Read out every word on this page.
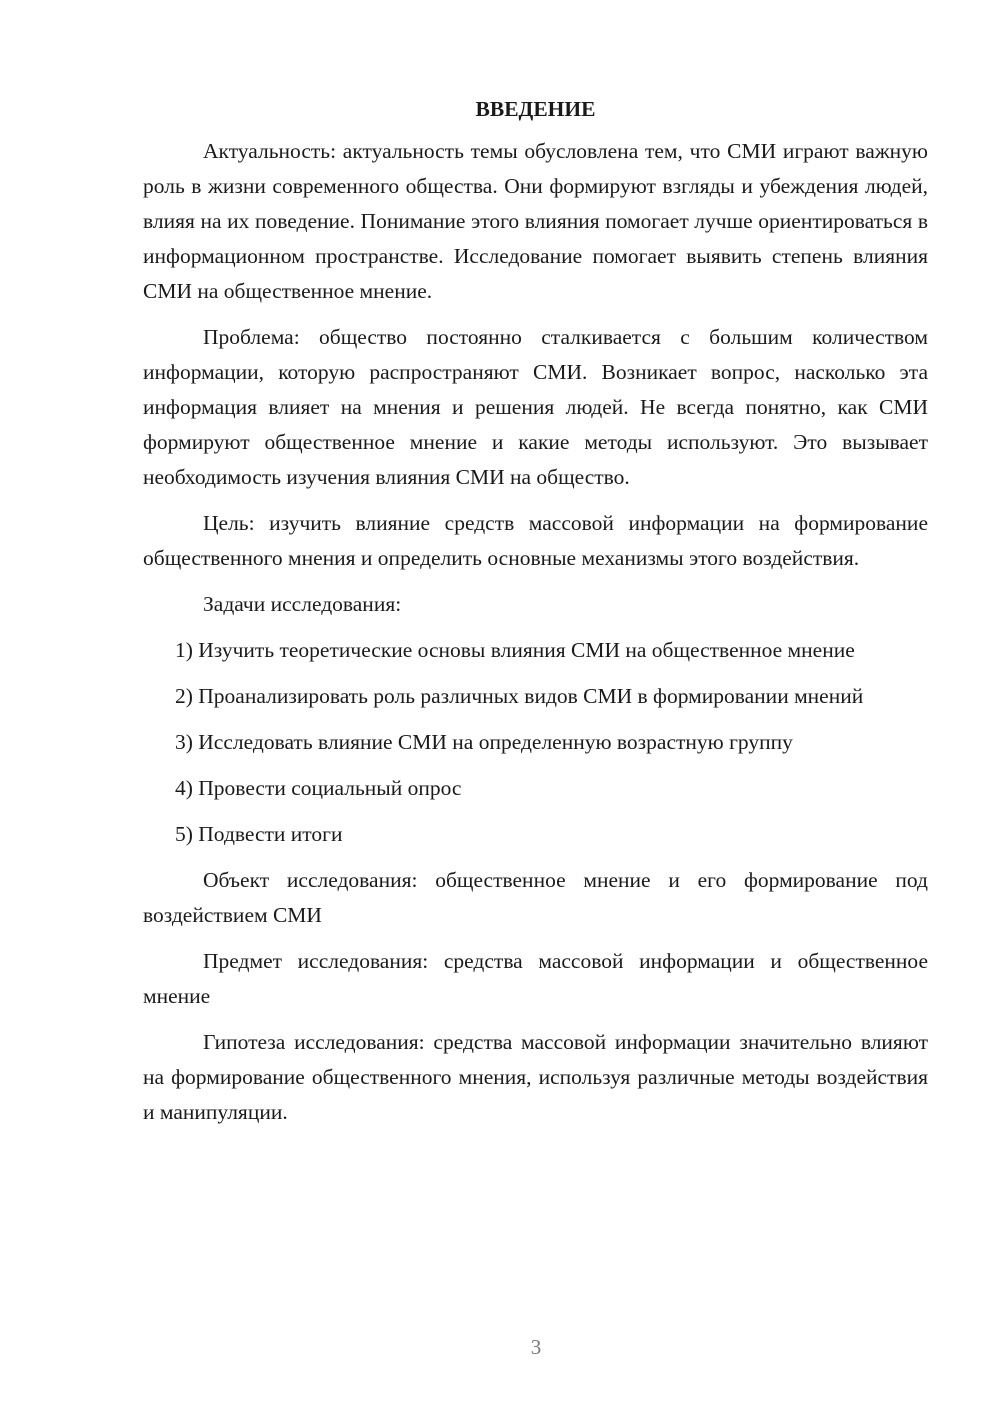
ВВЕДЕНИЕ

Актуальность: актуальность темы обусловлена тем, что СМИ играют важную роль в жизни современного общества. Они формируют взгляды и убеждения людей, влияя на их поведение. Понимание этого влияния помогает лучше ориентироваться в информационном пространстве. Исследование помогает выявить степень влияния СМИ на общественное мнение.

Проблема: общество постоянно сталкивается с большим количеством информации, которую распространяют СМИ. Возникает вопрос, насколько эта информация влияет на мнения и решения людей. Не всегда понятно, как СМИ формируют общественное мнение и какие методы используют. Это вызывает необходимость изучения влияния СМИ на общество.

Цель: изучить влияние средств массовой информации на формирование общественного мнения и определить основные механизмы этого воздействия.

Задачи исследования:

1) Изучить теоретические основы влияния СМИ на общественное мнение

2) Проанализировать роль различных видов СМИ в формировании мнений

3) Исследовать влияние СМИ на определенную возрастную группу

4) Провести социальный опрос

5) Подвести итоги

Объект исследования: общественное мнение и его формирование под воздействием СМИ

Предмет исследования: средства массовой информации и общественное мнение

Гипотеза исследования: средства массовой информации значительно влияют на формирование общественного мнения, используя различные методы воздействия и манипуляции.

3
